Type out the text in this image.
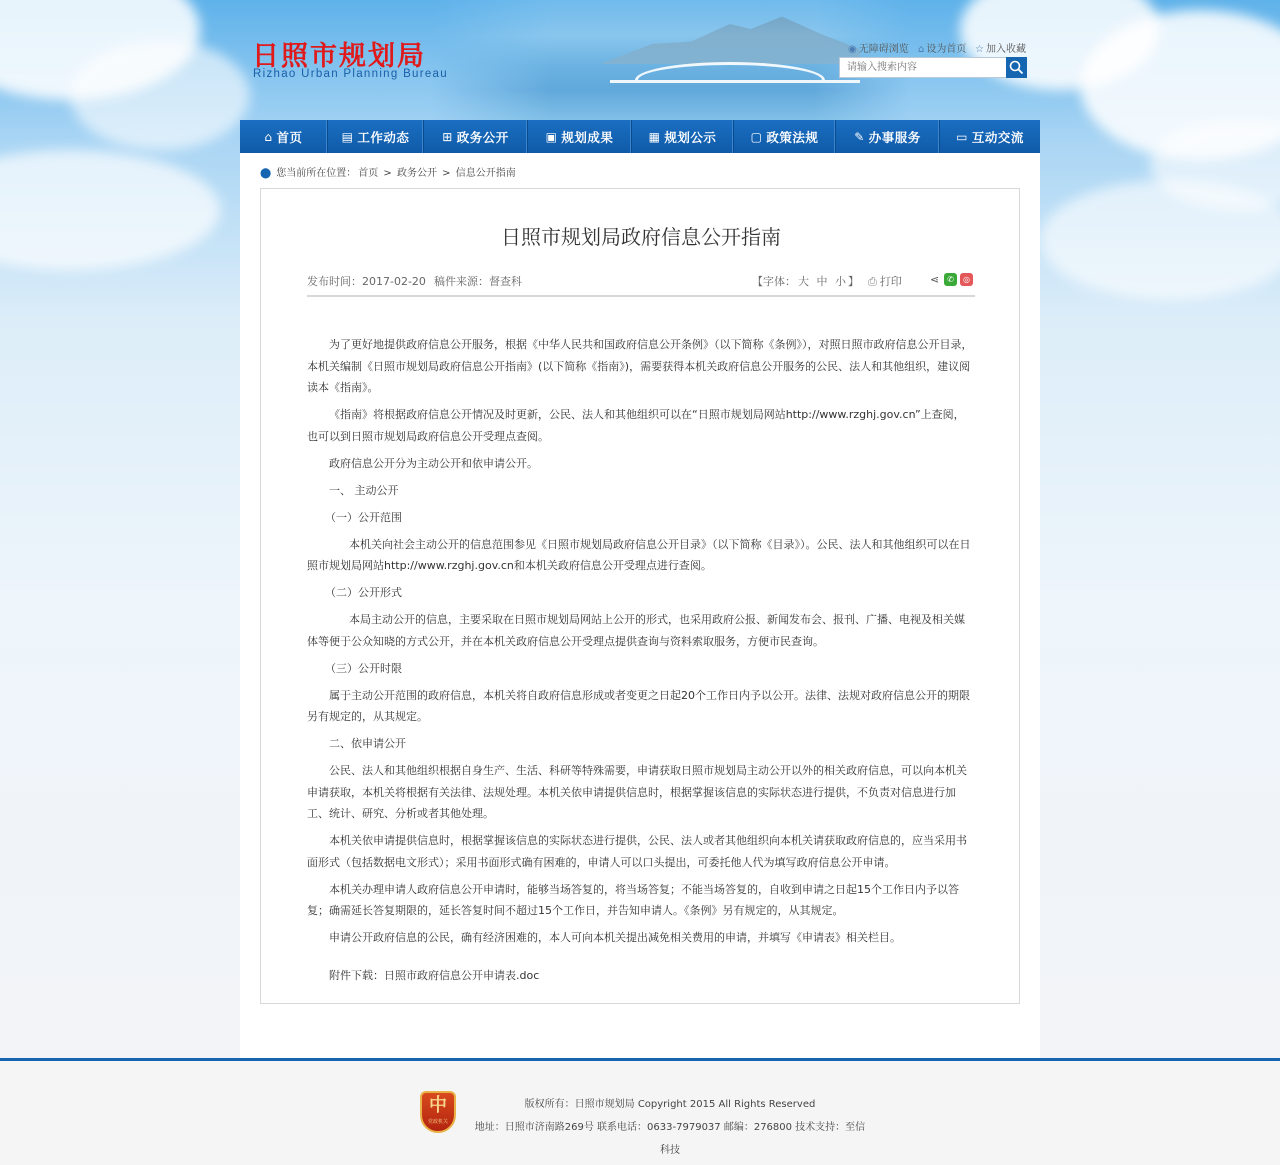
日照市规划局
Rizhao Urban Planning Bureau
◉ 无障碍浏览 ⌂ 设为首页 ☆ 加入收藏
请输入搜索内容
⌂ 首页	▤ 工作动态	⊞ 政务公开	▣ 规划成果	▦ 规划公示	▢ 政策法规	✎ 办事服务	▭ 互动交流
⬤ 您当前所在位置： 首页 > 政务公开 > 信息公开指南
日照市规划局政府信息公开指南
发布时间：2017-02-20 稿件来源：督查科	【字体： 大 中 小 】 ⎙ 打印	⋖ ✆	◎

为了更好地提供政府信息公开服务，根据《中华人民共和国政府信息公开条例》（以下简称《条例》），对照日照市政府信息公开目录，本机关编制《日照市规划局政府信息公开指南》(以下简称《指南》)，需要获得本机关政府信息公开服务的公民、法人和其他组织，建议阅读本《指南》。

《指南》将根据政府信息公开情况及时更新，公民、法人和其他组织可以在“日照市规划局网站http://www.rzghj.gov.cn”上查阅，也可以到日照市规划局政府信息公开受理点查阅。

政府信息公开分为主动公开和依申请公开。

一、 主动公开

（一）公开范围

本机关向社会主动公开的信息范围参见《日照市规划局政府信息公开目录》（以下简称《目录》）。公民、法人和其他组织可以在日照市规划局网站http://www.rzghj.gov.cn和本机关政府信息公开受理点进行查阅。

（二）公开形式

本局主动公开的信息，主要采取在日照市规划局网站上公开的形式，也采用政府公报、新闻发布会、报刊、广播、电视及相关媒体等便于公众知晓的方式公开，并在本机关政府信息公开受理点提供查询与资料索取服务，方便市民查询。

（三）公开时限

属于主动公开范围的政府信息，本机关将自政府信息形成或者变更之日起20个工作日内予以公开。法律、法规对政府信息公开的期限另有规定的，从其规定。

二、依申请公开

公民、法人和其他组织根据自身生产、生活、科研等特殊需要，申请获取日照市规划局主动公开以外的相关政府信息，可以向本机关申请获取，本机关将根据有关法律、法规处理。本机关依申请提供信息时，根据掌握该信息的实际状态进行提供，不负责对信息进行加工、统计、研究、分析或者其他处理。

本机关依申请提供信息时，根据掌握该信息的实际状态进行提供，公民、法人或者其他组织向本机关请获取政府信息的，应当采用书面形式（包括数据电文形式）；采用书面形式确有困难的，申请人可以口头提出，可委托他人代为填写政府信息公开申请。

本机关办理申请人政府信息公开申请时，能够当场答复的，将当场答复；不能当场答复的，自收到申请之日起15个工作日内予以答复；确需延长答复期限的，延长答复时间不超过15个工作日，并告知申请人。《条例》另有规定的，从其规定。

申请公开政府信息的公民，确有经济困难的，本人可向本机关提出减免相关费用的申请，并填写《申请表》相关栏目。

附件下载：日照市政府信息公开申请表.doc

中
党政机关
版权所有：日照市规划局 Copyright 2015 All Rights Reserved
地址：日照市济南路269号 联系电话：0633-7979037 邮编：276800 技术支持：至信科技
